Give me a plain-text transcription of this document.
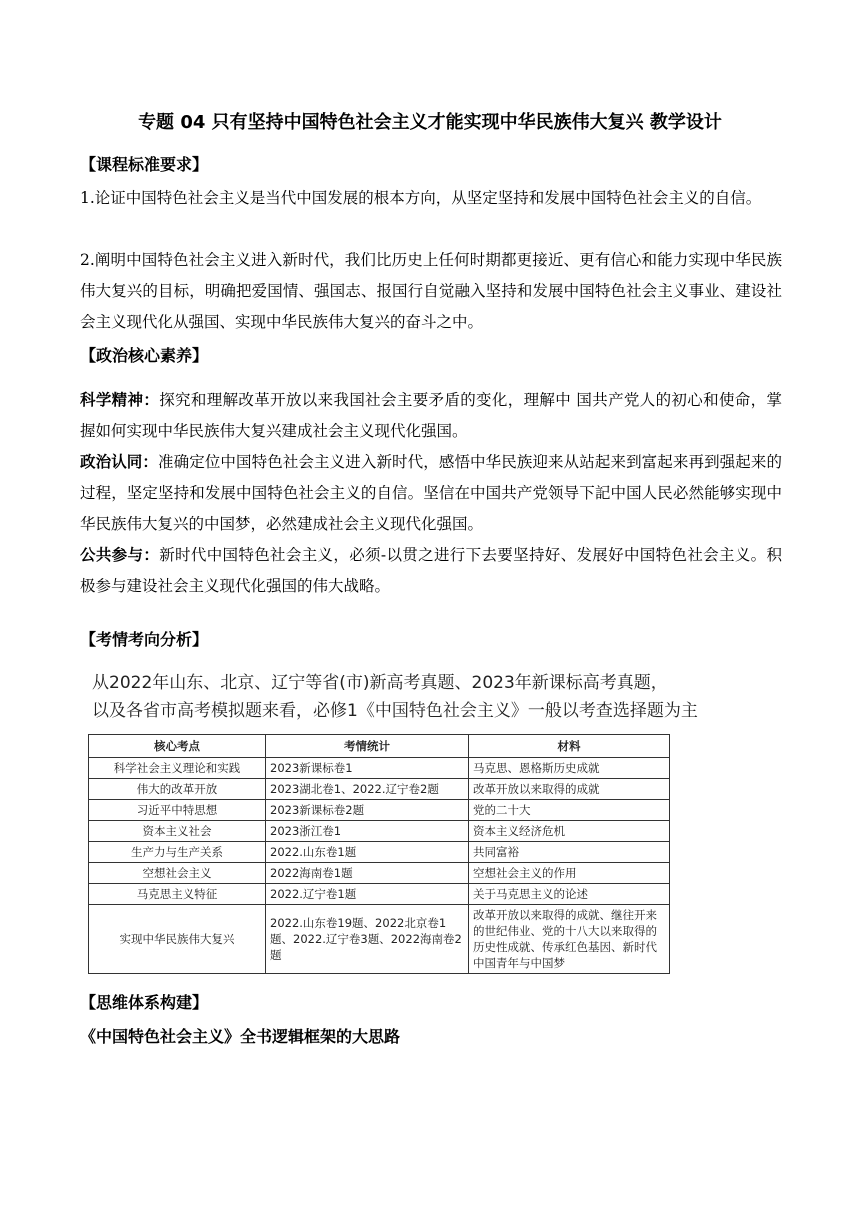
专题 04 只有坚持中国特色社会主义才能实现中华民族伟大复兴 教学设计
【课程标准要求】
1.论证中国特色社会主义是当代中国发展的根本方向，从坚定坚持和发展中国特色社会主义的自信。
2.阐明中国特色社会主义进入新时代，我们比历史上任何时期都更接近、更有信心和能力实现中华民族伟大复兴的目标，明确把爱国情、强国志、报国行自觉融入坚持和发展中国特色社会主义事业、建设社会主义现代化从强国、实现中华民族伟大复兴的奋斗之中。
【政治核心素养】
科学精神：探究和理解改革开放以来我国社会主要矛盾的变化，理解中 国共产党人的初心和使命，掌握如何实现中华民族伟大复兴建成社会主义现代化强国。
政治认同：准确定位中国特色社会主义进入新时代，感悟中华民族迎来从站起来到富起来再到强起来的过程，坚定坚持和发展中国特色社会主义的自信。坚信在中国共产党领导下記中国人民必然能够实现中华民族伟大复兴的中国梦，必然建成社会主义现代化强国。
公共参与：新时代中国特色社会主义，必须-以贯之进行下去要坚持好、发展好中国特色社会主义。积极参与建设社会主义现代化强国的伟大战略。
【考情考向分析】
从2022年山东、北京、辽宁等省(市)新高考真题、2023年新课标高考真题，
以及各省市高考模拟题来看，必修1《中国特色社会主义》一般以考查选择题为主
核心考点	考情统计	材料
科学社会主义理论和实践	2023新课标卷1	马克思、恩格斯历史成就
伟大的改革开放	2023湖北卷1、2022.辽宁卷2题	改革开放以来取得的成就
习近平中特思想	2023新课标卷2题	党的二十大
资本主义社会	2023浙江卷1	资本主义经济危机
生产力与生产关系	2022.山东卷1题	共同富裕
空想社会主义	2022海南卷1题	空想社会主义的作用
马克思主义特征	2022.辽宁卷1题	关于马克思主义的论述
实现中华民族伟大复兴	2022.山东卷19题、2022北京卷1题、2022.辽宁卷3题、2022海南卷2题	改革开放以来取得的成就、继往开来的世纪伟业、党的十八大以来取得的历史性成就、传承红色基因、新时代中国青年与中国梦
【思维体系构建】
《中国特色社会主义》全书逻辑框架的大思路
